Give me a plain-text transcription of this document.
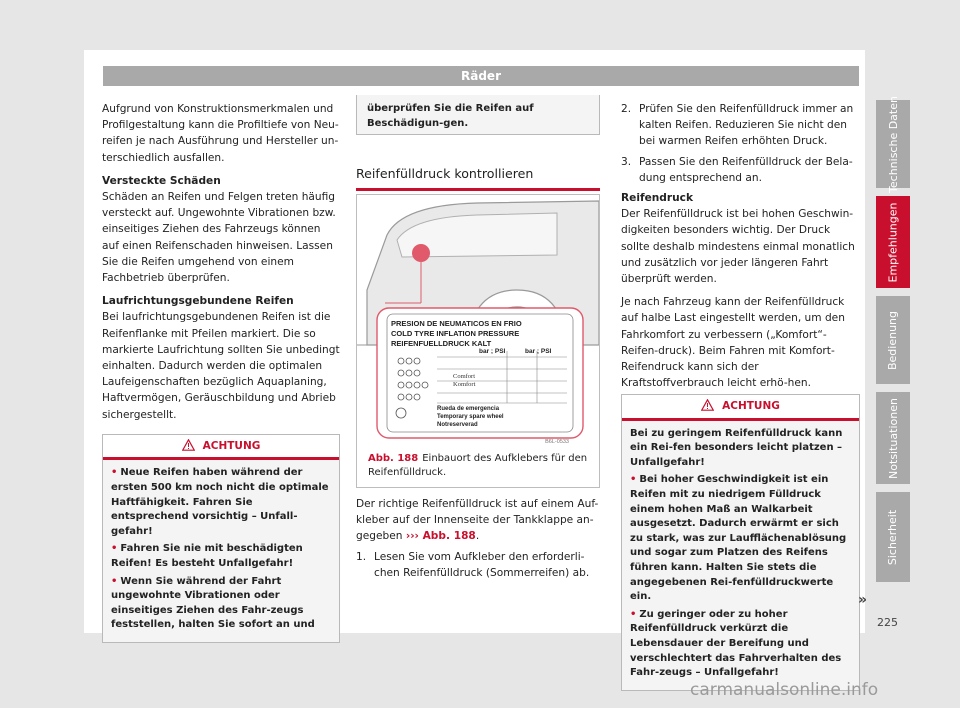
Räder

Aufgrund von Konstruktionsmerkmalen und Profilgestaltung kann die Profiltiefe von Neu-reifen je nach Ausführung und Hersteller un-terschiedlich ausfallen.

Versteckte Schäden

Schäden an Reifen und Felgen treten häufig versteckt auf. Ungewohnte Vibrationen bzw. einseitiges Ziehen des Fahrzeugs können auf einen Reifenschaden hinweisen. Lassen Sie die Reifen umgehend von einem Fachbetrieb überprüfen.

Laufrichtungsgebundene Reifen

Bei laufrichtungsgebundenen Reifen ist die Reifenflanke mit Pfeilen markiert. Die so markierte Laufrichtung sollten Sie unbedingt einhalten. Dadurch werden die optimalen Laufeigenschaften bezüglich Aquaplaning, Haftvermögen, Geräuschbildung und Abrieb sichergestellt.

ACHTUNG
• Neue Reifen haben während der ersten 500 km noch nicht die optimale Haftfähigkeit. Fahren Sie entsprechend vorsichtig – Unfall-gefahr!
• Fahren Sie nie mit beschädigten Reifen! Es besteht Unfallgefahr!
• Wenn Sie während der Fahrt ungewohnte Vibrationen oder einseitiges Ziehen des Fahr-zeugs feststellen, halten Sie sofort an und
überprüfen Sie die Reifen auf Beschädigun-gen.
Reifenfülldruck kontrollieren
PRESION DE NEUMATICOS EN FRIO
COLD TYRE INFLATION PRESSURE
REIFENFUELLDRUCK KALT
bar ; PSI	bar ; PSI
Comfort
Komfort
Rueda de emergencia
Temporary spare wheel
Notreserverad
B6L-0533
Abb. 188 Einbauort des Aufklebers für den Reifenfülldruck.

Der richtige Reifenfülldruck ist auf einem Auf-kleber auf der Innenseite der Tankklappe an-gegeben ››› Abb. 188.

1. Lesen Sie vom Aufkleber den erforderli-chen Reifenfülldruck (Sommerreifen) ab.
2. Prüfen Sie den Reifenfülldruck immer an kalten Reifen. Reduzieren Sie nicht den bei warmen Reifen erhöhten Druck.
3. Passen Sie den Reifenfülldruck der Bela-dung entsprechend an.

Reifendruck

Der Reifenfülldruck ist bei hohen Geschwin-digkeiten besonders wichtig. Der Druck sollte deshalb mindestens einmal monatlich und zusätzlich vor jeder längeren Fahrt überprüft werden.

Je nach Fahrzeug kann der Reifenfülldruck auf halbe Last eingestellt werden, um den Fahrkomfort zu verbessern („Komfort“-Reifen-druck). Beim Fahren mit Komfort-Reifendruck kann sich der Kraftstoffverbrauch leicht erhö-hen.

ACHTUNG
Bei zu geringem Reifenfülldruck kann ein Rei-fen besonders leicht platzen – Unfallgefahr!
• Bei hoher Geschwindigkeit ist ein Reifen mit zu niedrigem Fülldruck einem hohen Maß an Walkarbeit ausgesetzt. Dadurch erwärmt er sich zu stark, was zur Laufflächenablösung und sogar zum Platzen des Reifens führen kann. Halten Sie stets die angegebenen Rei-fenfülldruckwerte ein.
• Zu geringer oder zu hoher Reifenfülldruck verkürzt die Lebensdauer der Bereifung und verschlechtert das Fahrverhalten des Fahr-zeugs – Unfallgefahr!
»
Technische Daten
Empfehlungen
Bedienung
Notsituationen
Sicherheit
225
carmanualsonline.info
